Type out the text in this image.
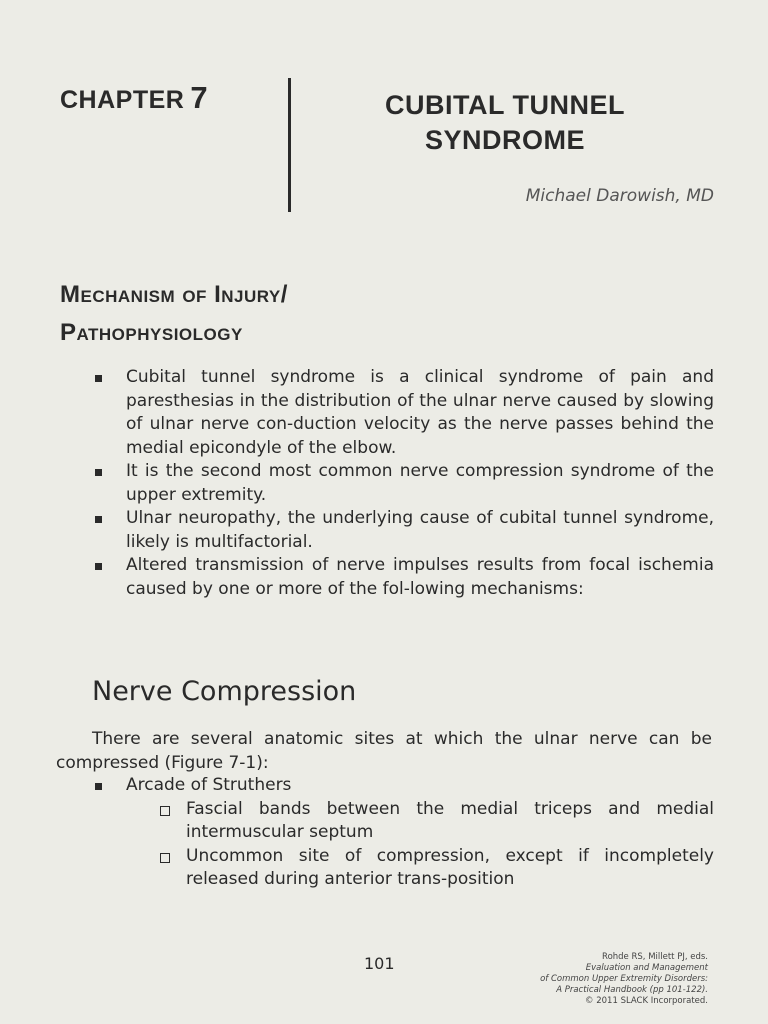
CHAPTER 7	CUBITAL TUNNEL
SYNDROME
Michael Darowish, MD
Mechanism of Injury/
Pathophysiology
Cubital tunnel syndrome is a clinical syndrome of pain and paresthesias in the distribution of the ulnar nerve caused by slowing of ulnar nerve con-duction velocity as the nerve passes behind the medial epicondyle of the elbow.
It is the second most common nerve compression syndrome of the upper extremity.
Ulnar neuropathy, the underlying cause of cubital tunnel syndrome, likely is multifactorial.
Altered transmission of nerve impulses results from focal ischemia caused by one or more of the fol-lowing mechanisms:
Nerve Compression

There are several anatomic sites at which the ulnar nerve can be compressed (Figure 7-1):

Arcade of Struthers
Fascial bands between the medial triceps and medial intermuscular septum
Uncommon site of compression, except if incompletely released during anterior trans-position
101	Rohde RS, Millett PJ, eds.
Evaluation and Management
of Common Upper Extremity Disorders:
A Practical Handbook (pp 101-122).
© 2011 SLACK Incorporated.
